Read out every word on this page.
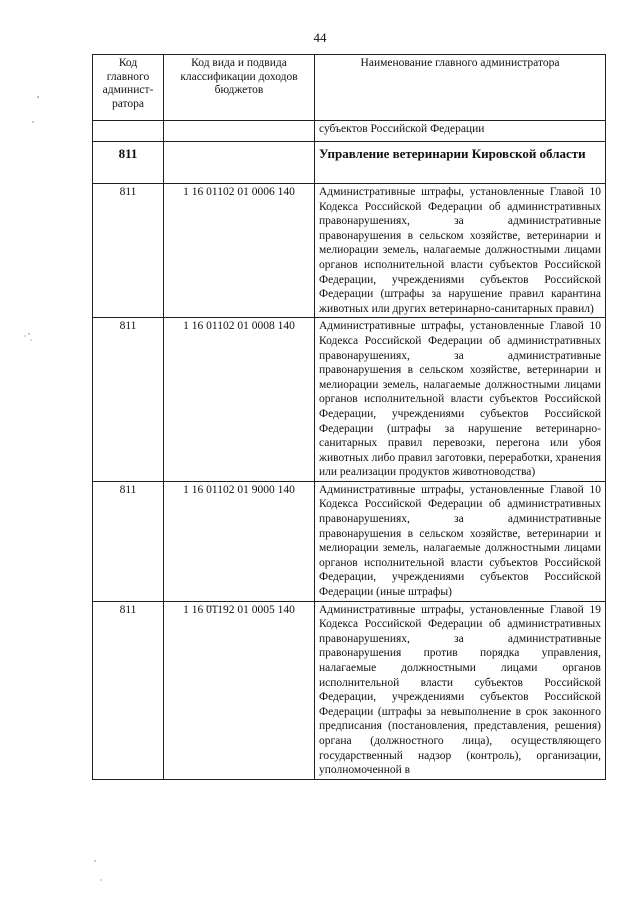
44
Код главного админист-ратора	Код вида и подвида классификации доходов бюджетов	Наименование главного администратора
		субъектов Российской Федерации
811		Управление ветеринарии Кировской области
811	1 16 01102 01 0006 140	Административные штрафы, установленные Главой 10 Кодекса Российской Федерации об административных правонарушениях, за административные правонарушения в сельском хозяйстве, ветеринарии и мелиорации земель, налагаемые должностными лицами органов исполнительной власти субъектов Российской Федерации, учреждениями субъектов Российской Федерации (штрафы за нарушение правил карантина животных или других ветеринарно-санитарных правил)
811	1 16 01102 01 0008 140	Административные штрафы, установленные Главой 10 Кодекса Российской Федерации об административных правонарушениях, за административные правонарушения в сельском хозяйстве, ветеринарии и мелиорации земель, налагаемые должностными лицами органов исполнительной власти субъектов Российской Федерации, учреждениями субъектов Российской Федерации (штрафы за нарушение ветеринарно-санитарных правил перевозки, перегона или убоя животных либо правил заготовки, переработки, хранения или реализации продуктов животноводства)
811	1 16 01102 01 9000 140	Административные штрафы, установленные Главой 10 Кодекса Российской Федерации об административных правонарушениях, за административные правонарушения в сельском хозяйстве, ветеринарии и мелиорации земель, налагаемые должностными лицами органов исполнительной власти субъектов Российской Федерации, учреждениями субъектов Российской Федерации (иные штрафы)
811	1 16 01192 01 0005 140	Административные штрафы, установленные Главой 19 Кодекса Российской Федерации об административных правонарушениях, за административные правонарушения против порядка управления, налагаемые должностными лицами органов исполнительной власти субъектов Российской Федерации, учреждениями субъектов Российской Федерации (штрафы за невыполнение в срок законного предписания (постановления, представления, решения) органа (должностного лица), осуществляющего государственный надзор (контроль), организации, уполномоченной в
